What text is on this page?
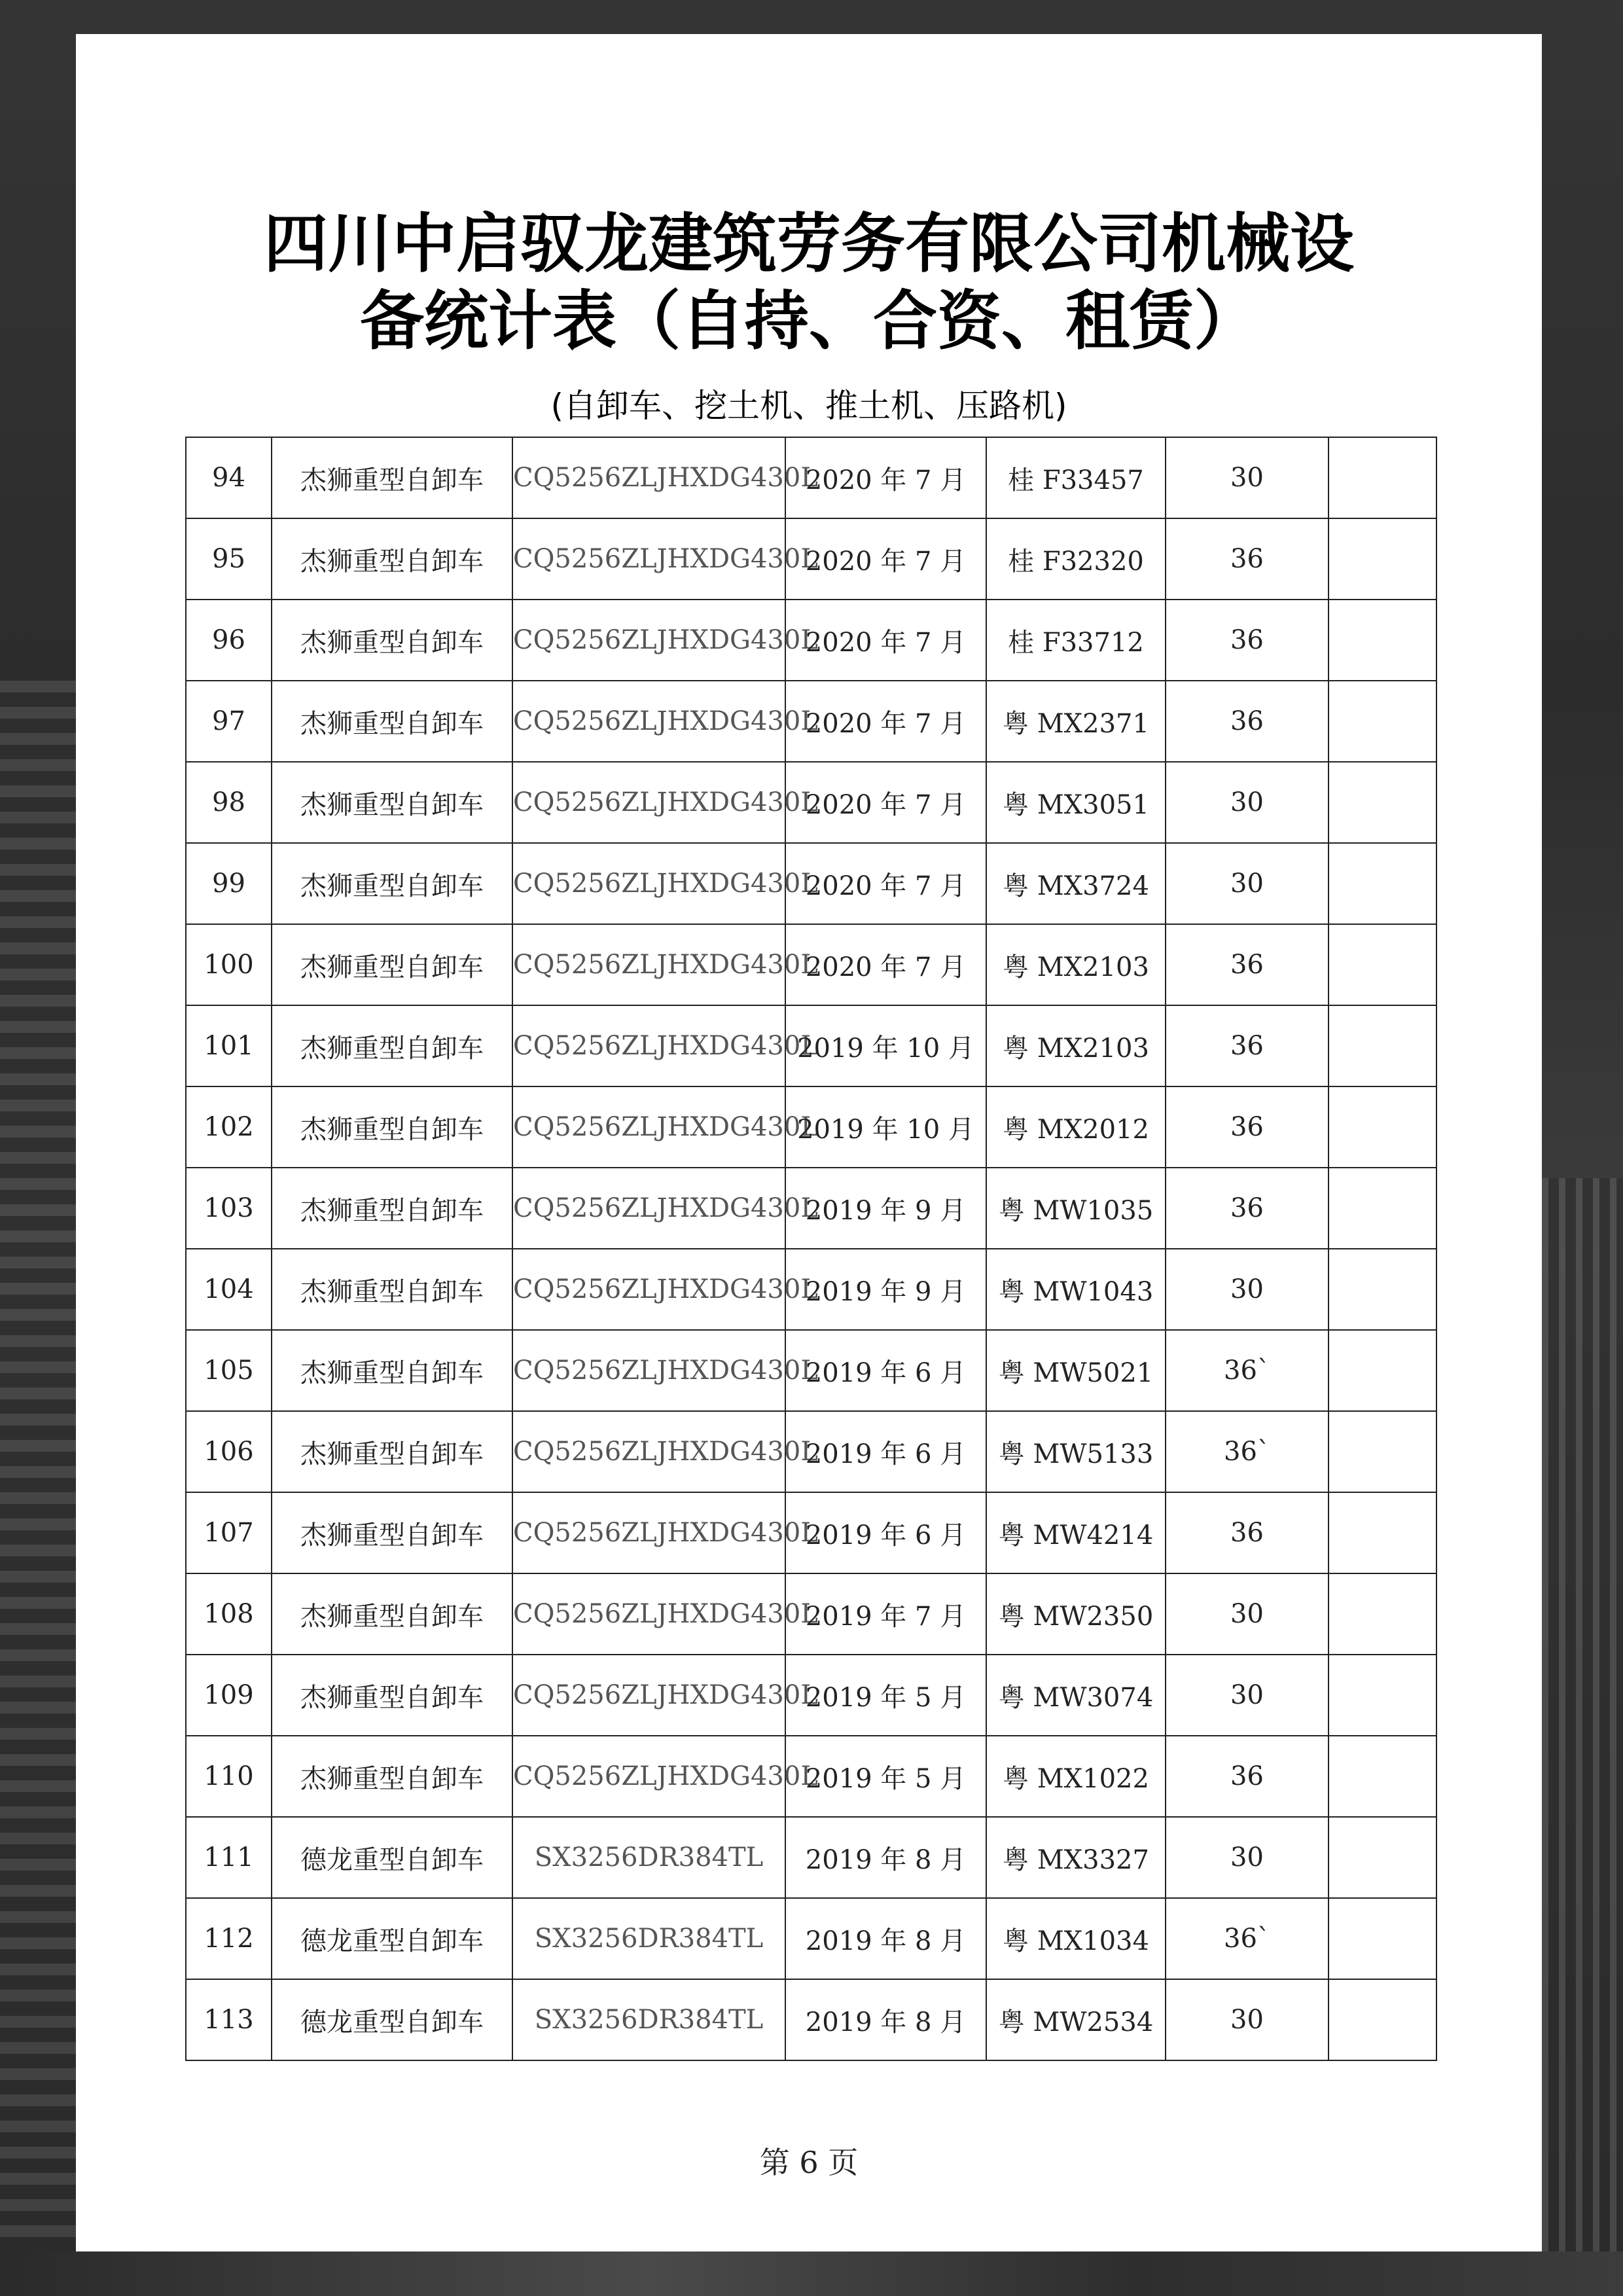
四川中启驭龙建筑劳务有限公司机械设
备统计表（自持、合资、租赁）
(自卸车、挖土机、推土机、压路机)
94	杰狮重型自卸车	CQ5256ZLJHXDG430L	2020 年 7 月	桂 F33457	30	
95	杰狮重型自卸车	CQ5256ZLJHXDG430L	2020 年 7 月	桂 F32320	36	
96	杰狮重型自卸车	CQ5256ZLJHXDG430L	2020 年 7 月	桂 F33712	36	
97	杰狮重型自卸车	CQ5256ZLJHXDG430L	2020 年 7 月	粤 MX2371	36	
98	杰狮重型自卸车	CQ5256ZLJHXDG430L	2020 年 7 月	粤 MX3051	30	
99	杰狮重型自卸车	CQ5256ZLJHXDG430L	2020 年 7 月	粤 MX3724	30	
100	杰狮重型自卸车	CQ5256ZLJHXDG430L	2020 年 7 月	粤 MX2103	36	
101	杰狮重型自卸车	CQ5256ZLJHXDG430L	2019 年 10 月	粤 MX2103	36	
102	杰狮重型自卸车	CQ5256ZLJHXDG430L	2019 年 10 月	粤 MX2012	36	
103	杰狮重型自卸车	CQ5256ZLJHXDG430L	2019 年 9 月	粤 MW1035	36	
104	杰狮重型自卸车	CQ5256ZLJHXDG430L	2019 年 9 月	粤 MW1043	30	
105	杰狮重型自卸车	CQ5256ZLJHXDG430L	2019 年 6 月	粤 MW5021	36`	
106	杰狮重型自卸车	CQ5256ZLJHXDG430L	2019 年 6 月	粤 MW5133	36`	
107	杰狮重型自卸车	CQ5256ZLJHXDG430L	2019 年 6 月	粤 MW4214	36	
108	杰狮重型自卸车	CQ5256ZLJHXDG430L	2019 年 7 月	粤 MW2350	30	
109	杰狮重型自卸车	CQ5256ZLJHXDG430L	2019 年 5 月	粤 MW3074	30	
110	杰狮重型自卸车	CQ5256ZLJHXDG430L	2019 年 5 月	粤 MX1022	36	
111	德龙重型自卸车	SX3256DR384TL	2019 年 8 月	粤 MX3327	30	
112	德龙重型自卸车	SX3256DR384TL	2019 年 8 月	粤 MX1034	36`	
113	德龙重型自卸车	SX3256DR384TL	2019 年 8 月	粤 MW2534	30	
第 6 页
